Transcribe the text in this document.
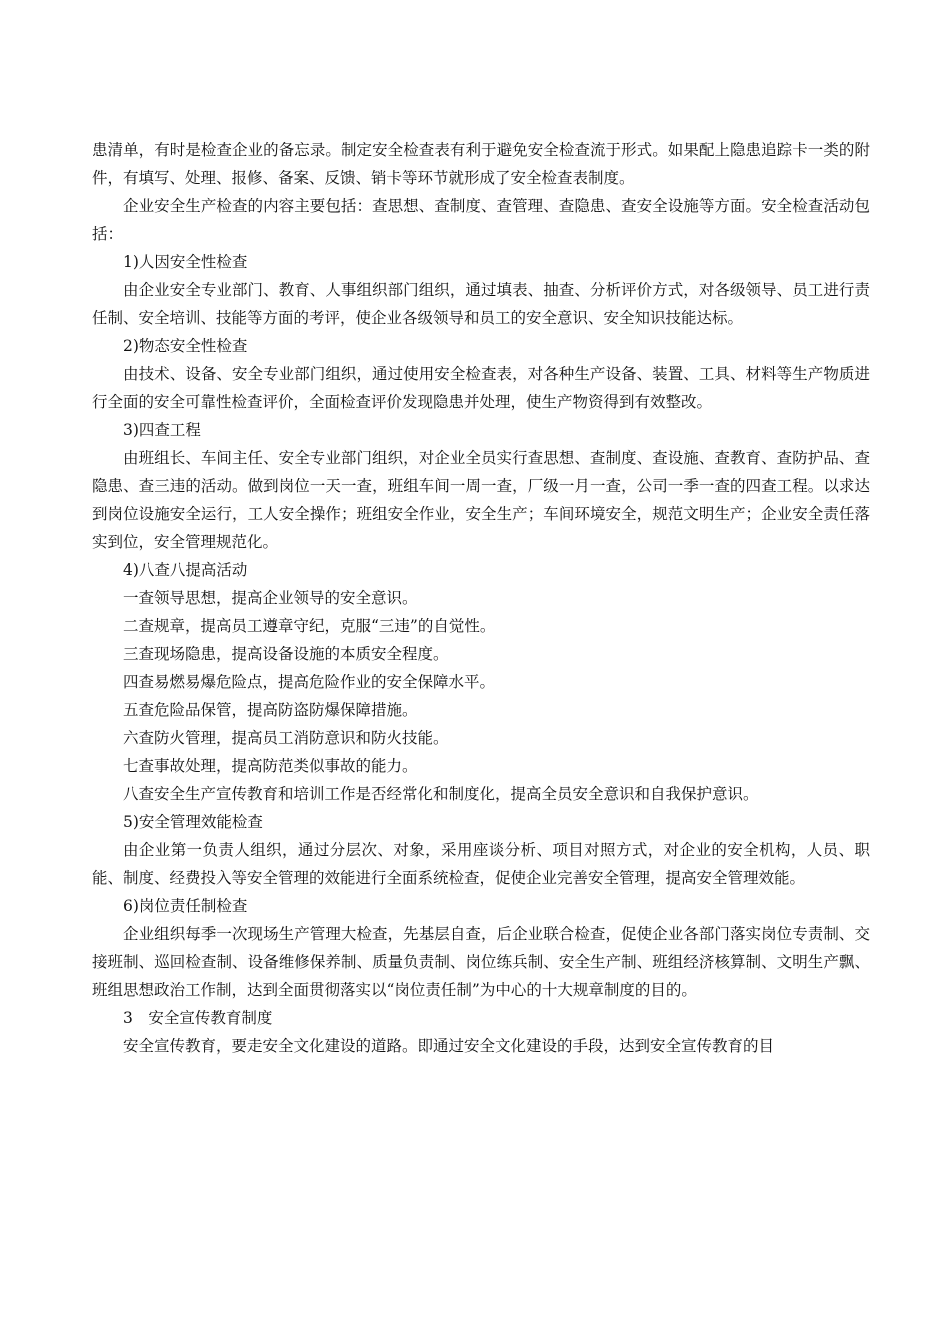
患清单，有时是检查企业的备忘录。制定安全检查表有利于避免安全检查流于形式。如果配上隐患追踪卡一类的附件，有填写、处理、报修、备案、反馈、销卡等环节就形成了安全检查表制度。

企业安全生产检查的内容主要包括：查思想、查制度、查管理、查隐患、查安全设施等方面。安全检查活动包括：

1)人因安全性检查

由企业安全专业部门、教育、人事组织部门组织，通过填表、抽查、分析评价方式，对各级领导、员工进行责任制、安全培训、技能等方面的考评，使企业各级领导和员工的安全意识、安全知识技能达标。

2)物态安全性检查

由技术、设备、安全专业部门组织，通过使用安全检查表，对各种生产设备、装置、工具、材料等生产物质进行全面的安全可靠性检查评价，全面检查评价发现隐患并处理，使生产物资得到有效整改。

3)四查工程

由班组长、车间主任、安全专业部门组织，对企业全员实行查思想、查制度、查设施、查教育、查防护品、查隐患、查三违的活动。做到岗位一天一查，班组车间一周一查，厂级一月一查，公司一季一查的四查工程。以求达到岗位设施安全运行，工人安全操作；班组安全作业，安全生产；车间环境安全，规范文明生产；企业安全责任落实到位，安全管理规范化。

4)八查八提高活动

一查领导思想，提高企业领导的安全意识。

二查规章，提高员工遵章守纪，克服“三违”的自觉性。

三查现场隐患，提高设备设施的本质安全程度。

四查易燃易爆危险点，提高危险作业的安全保障水平。

五查危险品保管，提高防盗防爆保障措施。

六查防火管理，提高员工消防意识和防火技能。

七查事故处理，提高防范类似事故的能力。

八查安全生产宣传教育和培训工作是否经常化和制度化，提高全员安全意识和自我保护意识。

5)安全管理效能检查

由企业第一负责人组织，通过分层次、对象，采用座谈分析、项目对照方式，对企业的安全机构，人员、职能、制度、经费投入等安全管理的效能进行全面系统检查，促使企业完善安全管理，提高安全管理效能。

6)岗位责任制检查

企业组织每季一次现场生产管理大检查，先基层自查，后企业联合检查，促使企业各部门落实岗位专责制、交接班制、巡回检查制、设备维修保养制、质量负责制、岗位练兵制、安全生产制、班组经济核算制、文明生产飘、班组思想政治工作制，达到全面贯彻落实以“岗位责任制”为中心的十大规章制度的目的。

3　安全宣传教育制度

安全宣传教育，要走安全文化建设的道路。即通过安全文化建设的手段，达到安全宣传教育的目
